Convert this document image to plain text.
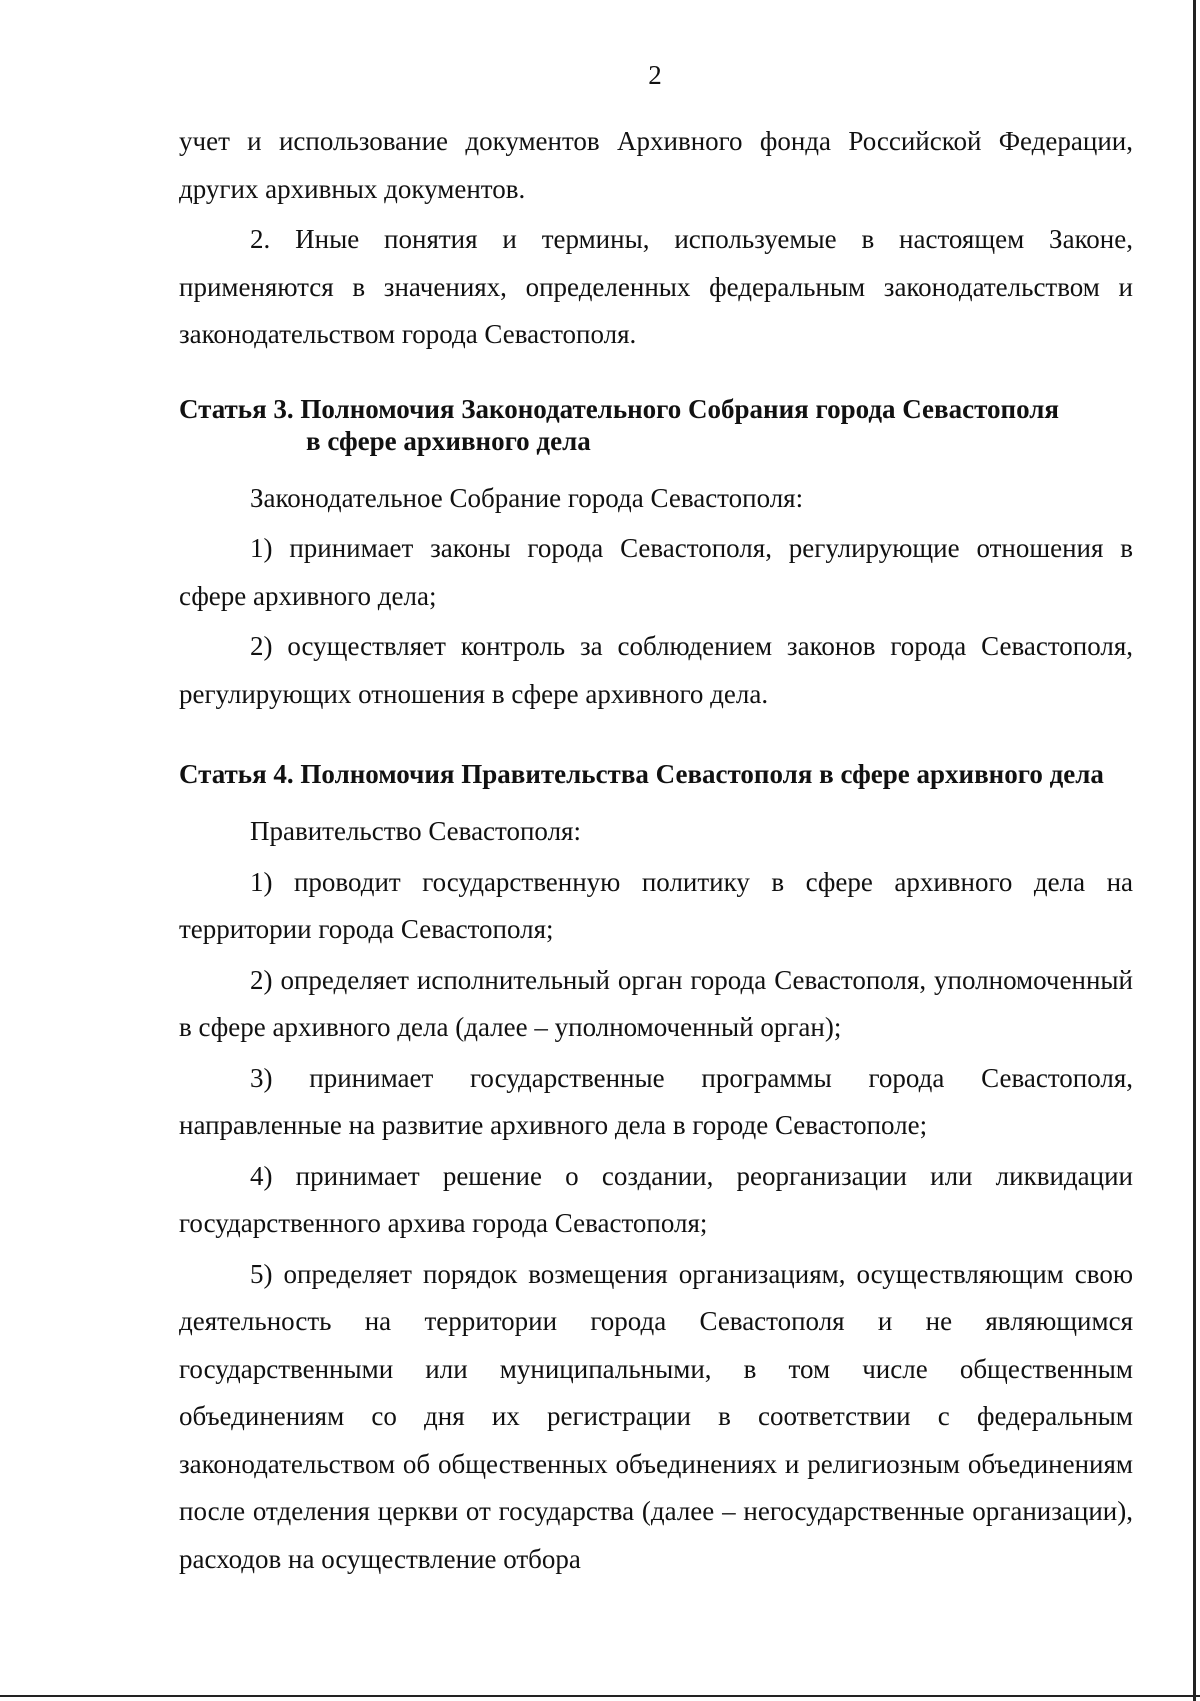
2

учет и использование документов Архивного фонда Российской Федерации, других архивных документов.

2. Иные понятия и термины, используемые в настоящем Законе, применяются в значениях, определенных федеральным законодательством и законодательством города Севастополя.

Статья 3. Полномочия Законодательного Собрания города Севастополя
в сфере архивного дела

Законодательное Собрание города Севастополя:

1) принимает законы города Севастополя, регулирующие отношения в сфере архивного дела;

2) осуществляет контроль за соблюдением законов города Севастополя, регулирующих отношения в сфере архивного дела.

Статья 4. Полномочия Правительства Севастополя в сфере архивного дела

Правительство Севастополя:

1) проводит государственную политику в сфере архивного дела на территории города Севастополя;

2) определяет исполнительный орган города Севастополя, уполномоченный в сфере архивного дела (далее – уполномоченный орган);

3) принимает государственные программы города Севастополя, направленные на развитие архивного дела в городе Севастополе;

4) принимает решение о создании, реорганизации или ликвидации государственного архива города Севастополя;

5) определяет порядок возмещения организациям, осуществляющим свою деятельность на территории города Севастополя и не являющимся государственными или муниципальными, в том числе общественным объединениям со дня их регистрации в соответствии с федеральным законодательством об общественных объединениях и религиозным объединениям после отделения церкви от государства (далее – негосударственные организации), расходов на осуществление отбора
